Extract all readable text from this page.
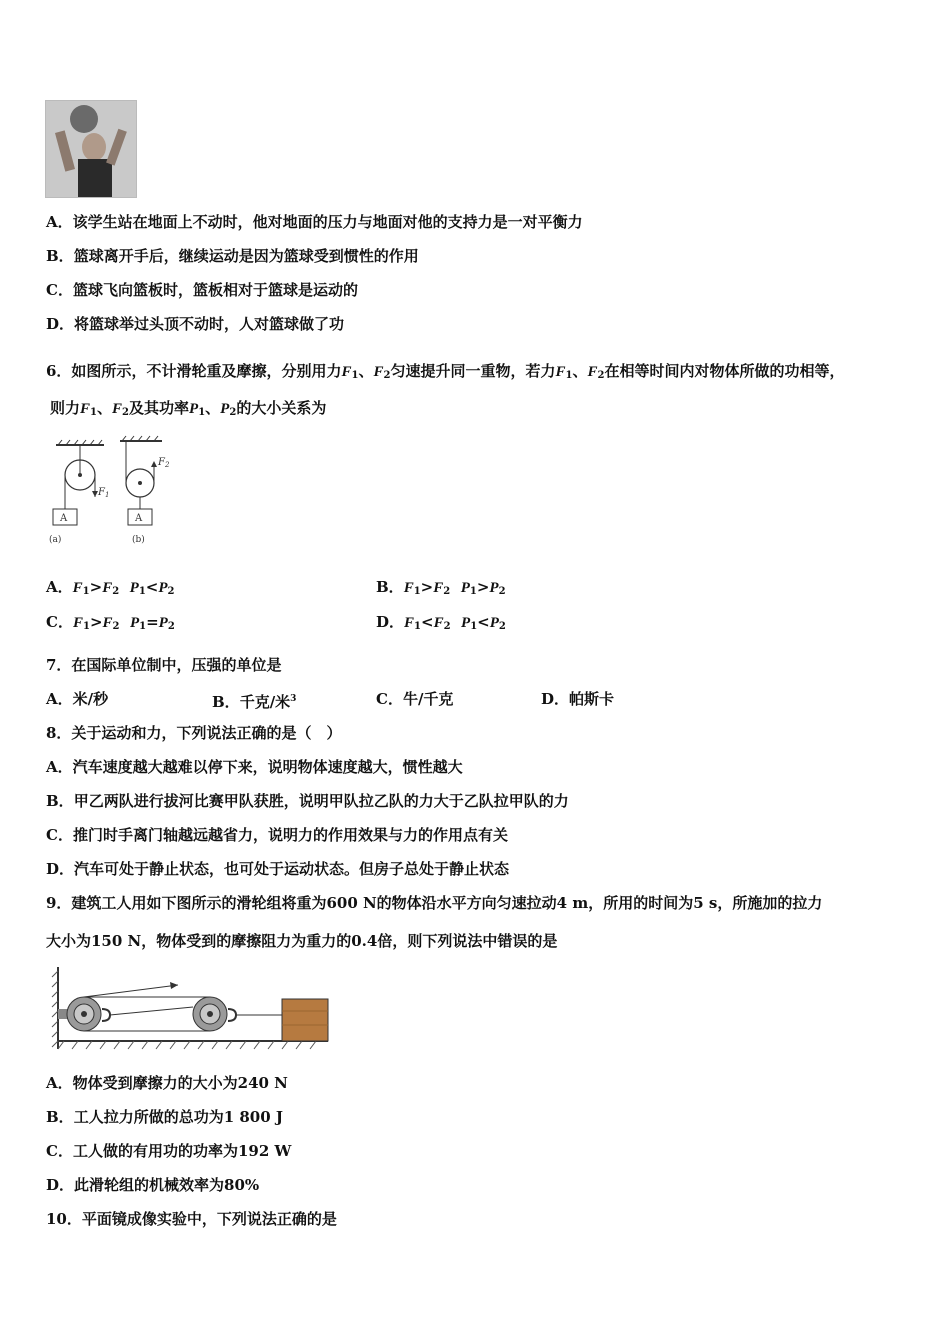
A．该学生站在地面上不动时，他对地面的压力与地面对他的支持力是一对平衡力
B．篮球离开手后，继续运动是因为篮球受到惯性的作用
C．篮球飞向篮板时，篮板相对于篮球是运动的
D．将篮球举过头顶不动时，人对篮球做了功
6．如图所示，不计滑轮重及摩擦，分别用力$F_1$、$F_2$匀速提升同一重物，若力$F_1$、$F_2$在相等时间内对物体所做的功相等，
则力$F_1$、$F_2$及其功率$P_1$、$P_2$的大小关系为
$F_1$
A
(a)
$F_2$
A
(b)
A．$F_1>F_2$ $P_1<P_2$	B．$F_1>F_2$ $P_1>P_2$
C．$F_1>F_2$ $P_1=P_2$	D．$F_1<F_2$ $P_1<P_2$
7．在国际单位制中，压强的单位是
A．米/秒	B．千克/米$^3$	C．牛/千克	D．帕斯卡
8．关于运动和力，下列说法正确的是（　）
A．汽车速度越大越难以停下来，说明物体速度越大，惯性越大
B．甲乙两队进行拔河比赛甲队获胜，说明甲队拉乙队的力大于乙队拉甲队的力
C．推门时手离门轴越远越省力，说明力的作用效果与力的作用点有关
D．汽车可处于静止状态，也可处于运动状态。但房子总处于静止状态
9．建筑工人用如下图所示的滑轮组将重为600 N的物体沿水平方向匀速拉动4 m，所用的时间为5 s，所施加的拉力
大小为150 N，物体受到的摩擦阻力为重力的0.4倍，则下列说法中错误的是
A．物体受到摩擦力的大小为240 N
B．工人拉力所做的总功为1 800 J
C．工人做的有用功的功率为192 W
D．此滑轮组的机械效率为80%
10．平面镜成像实验中，下列说法正确的是
